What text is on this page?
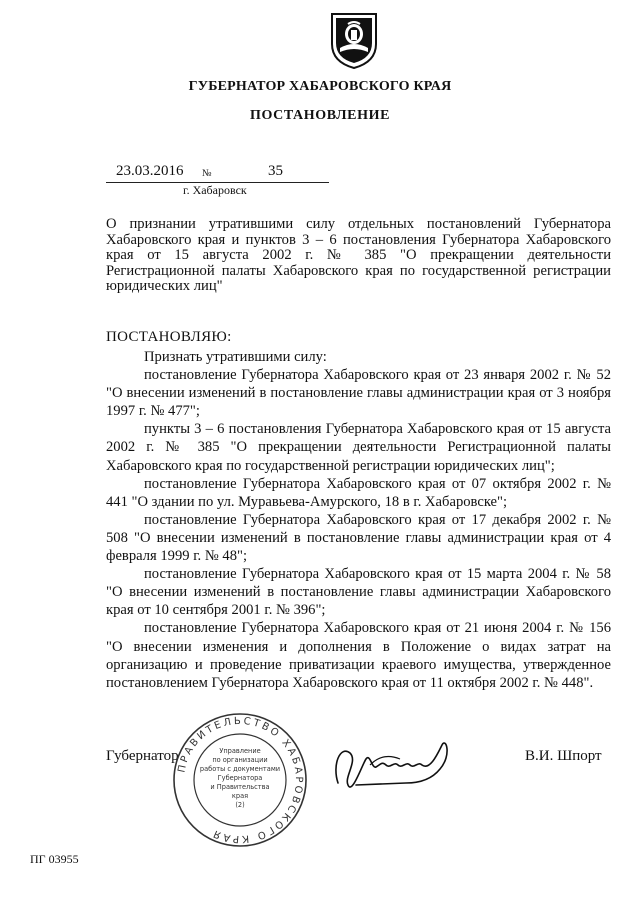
ГУБЕРНАТОР ХАБАРОВСКОГО КРАЯ
ПОСТАНОВЛЕНИЕ
23.03.2016 №	35
г. Хабаровск
О признании утратившими силу отдельных постановлений Губернатора Хабаровского края и пунктов 3 – 6 постановления Губернатора Хабаровского края от 15 августа 2002 г. № 385 "О прекращении деятельности Регистрационной палаты Хабаровского края по государственной регистрации юридических лиц"
ПОСТАНОВЛЯЮ:

Признать утратившими силу:

постановление Губернатора Хабаровского края от 23 января 2002 г. № 52 "О внесении изменений в постановление главы администрации края от 3 ноября 1997 г. № 477";

пункты 3 – 6 постановления Губернатора Хабаровского края от 15 августа 2002 г. № 385 "О прекращении деятельности Регистрационной палаты Хабаровского края по государственной регистрации юридических лиц";

постановление Губернатора Хабаровского края от 07 октября 2002 г. № 441 "О здании по ул. Муравьева-Амурского, 18 в г. Хабаровске";

постановление Губернатора Хабаровского края от 17 декабря 2002 г. № 508 "О внесении изменений в постановление главы администрации края от 4 февраля 1999 г. № 48";

постановление Губернатора Хабаровского края от 15 марта 2004 г. № 58 "О внесении изменений в постановление главы администрации Хабаровского края от 10 сентября 2001 г. № 396";

постановление Губернатора Хабаровского края от 21 июня 2004 г. № 156 "О внесении изменения и дополнения в Положение о видах затрат на организацию и проведение приватизации краевого имущества, утвержденное постановлением Губернатора Хабаровского края от 11 октября 2002 г. № 448".

Губернатор
ПРАВИТЕЛЬСТВО ХАБАРОВСКОГО КРАЯ
Управление
по организации
работы с документами
Губернатора
и Правительства
края
(2)
В.И. Шпорт
ПГ 03955
